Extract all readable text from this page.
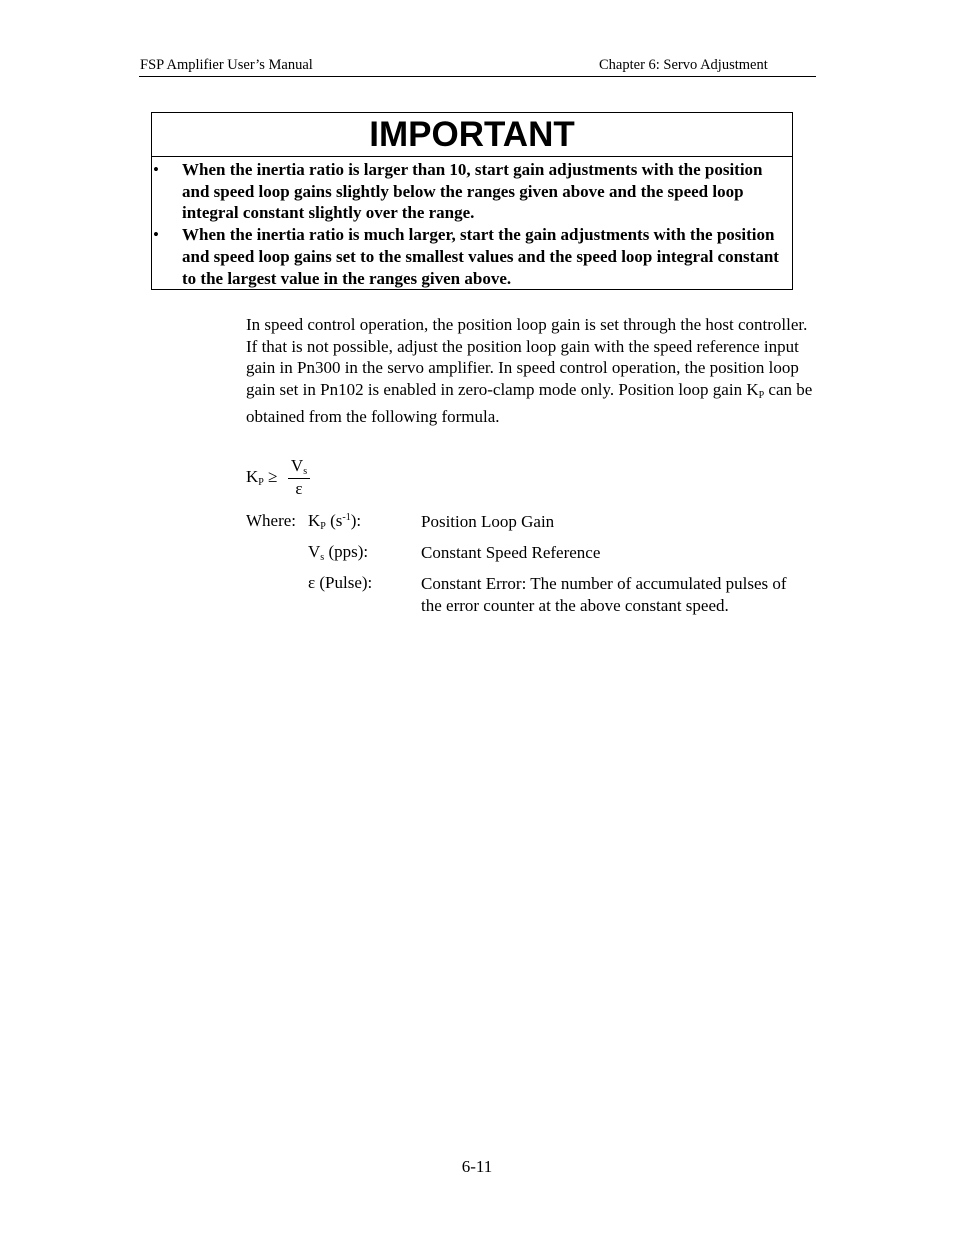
FSP Amplifier User’s Manual	Chapter 6: Servo Adjustment
IMPORTANT
• When the inertia ratio is larger than 10, start gain adjustments with the position and speed loop gains slightly below the ranges given above and the speed loop integral constant slightly over the range.
• When the inertia ratio is much larger, start the gain adjustments with the position and speed loop gains set to the smallest values and the speed loop integral constant to the largest value in the ranges given above.
In speed control operation, the position loop gain is set through the host controller. If that is not possible, adjust the position loop gain with the speed reference input gain in Pn300 in the servo amplifier. In speed control operation, the position loop gain set in Pn102 is enabled in zero-clamp mode only. Position loop gain $K_P$ can be obtained from the following formula.
$K_P \ge \frac{V_s}{\varepsilon}$
Where: $K_P$ $(s^{-1})$:	Position Loop Gain
$V_s$ (pps):	Constant Speed Reference
ε (Pulse):	Constant Error: The number of accumulated pulses of the error counter at the above constant speed.
6-11
